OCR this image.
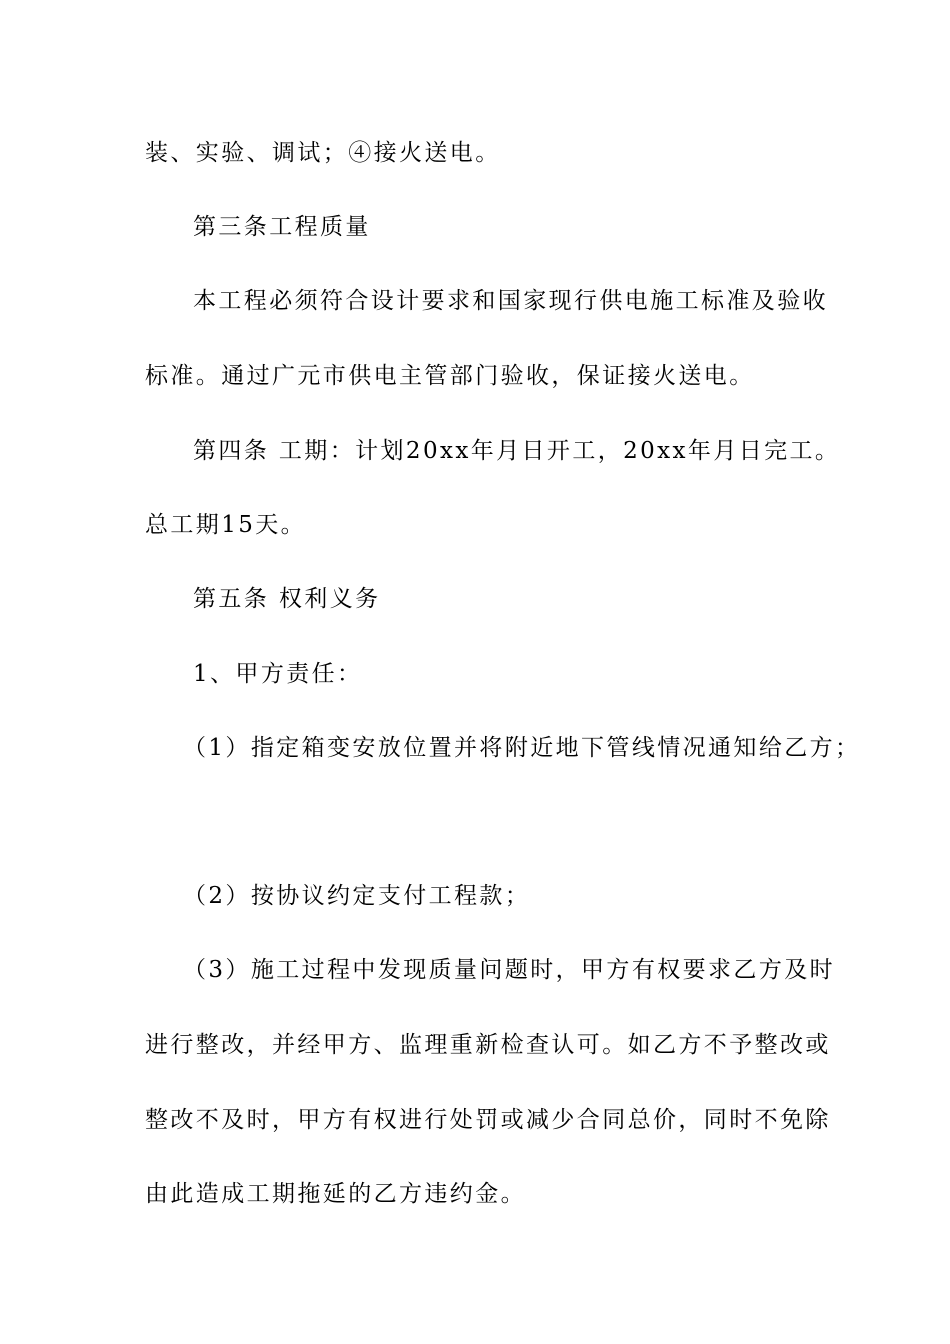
装、实验、调试；④接火送电。
第三条工程质量
本工程必须符合设计要求和国家现行供电施工标准及验收
标准。通过广元市供电主管部门验收，保证接火送电。
第四条 工期：计划20xx年月日开工，20xx年月日完工。
总工期15天。
第五条 权利义务
1、甲方责任：
（1）指定箱变安放位置并将附近地下管线情况通知给乙方；
（2）按协议约定支付工程款；
（3）施工过程中发现质量问题时，甲方有权要求乙方及时
进行整改，并经甲方、监理重新检查认可。如乙方不予整改或
整改不及时，甲方有权进行处罚或减少合同总价，同时不免除
由此造成工期拖延的乙方违约金。
